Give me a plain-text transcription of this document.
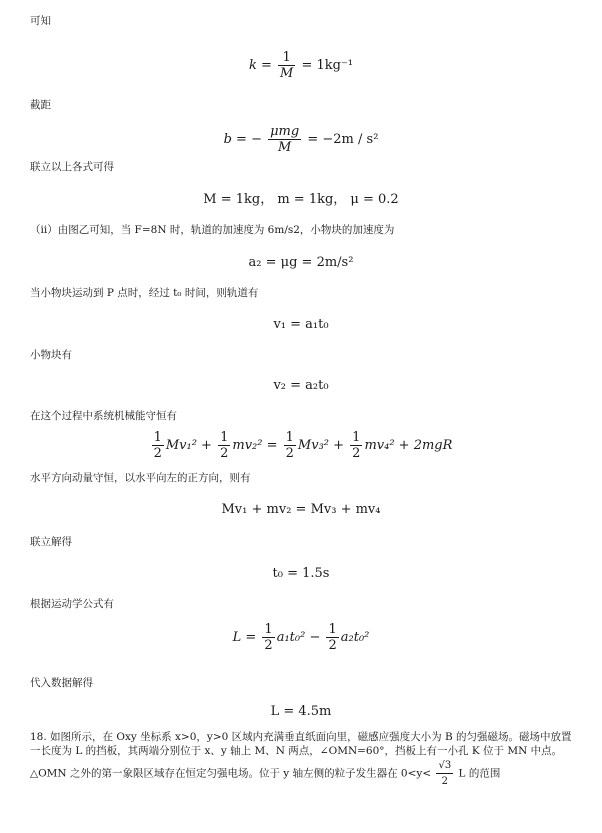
可知
$k = \frac{1}{M} = 1kg^{-1}$
截距
b = − $\frac{\text{μmg}}{M} = -2m / s^2$
联立以上各式可得
M = 1kg， m = 1kg， μ = 0.2
（ii）由图乙可知，当 F=8N 时，轨道的加速度为 6m/s2，小物块的加速度为
a₂ = μg = 2m/s²
当小物块运动到 P 点时，经过 t₀ 时间，则轨道有
v₁ = a₁t₀
小物块有
v₂ = a₂t₀
在这个过程中系统机械能守恒有
$\frac{1}{2} Mv_1^2 + \frac{1}{2} mv_2^2 = \frac{1}{2} Mv_3^2 + \frac{1}{2} mv_4^2 + 2mgR$
水平方向动量守恒，以水平向左的正方向，则有
Mv₁ + mv₂ = Mv₃ + mv₄
联立解得
t₀ = 1.5s
根据运动学公式有
$L = \frac{1}{2} a_1t_0^2 - \frac{1}{2} a_2t_0^2$
代入数据解得
L = 4.5m
18. 如图所示，在 Oxy 坐标系 x>0，y>0 区域内充满垂直纸面向里，磁感应强度大小为 B 的匀强磁场。磁场中放置一长度为 L 的挡板，其两端分别位于 x、y 轴上 M、N 两点，∠OMN=60°，挡板上有一小孔 K 位于 MN 中点。△OMN 之外的第一象限区域存在恒定匀强电场。位于 y 轴左侧的粒子发生器在 $0<y< \frac{√3}{2}$ L 的范围
